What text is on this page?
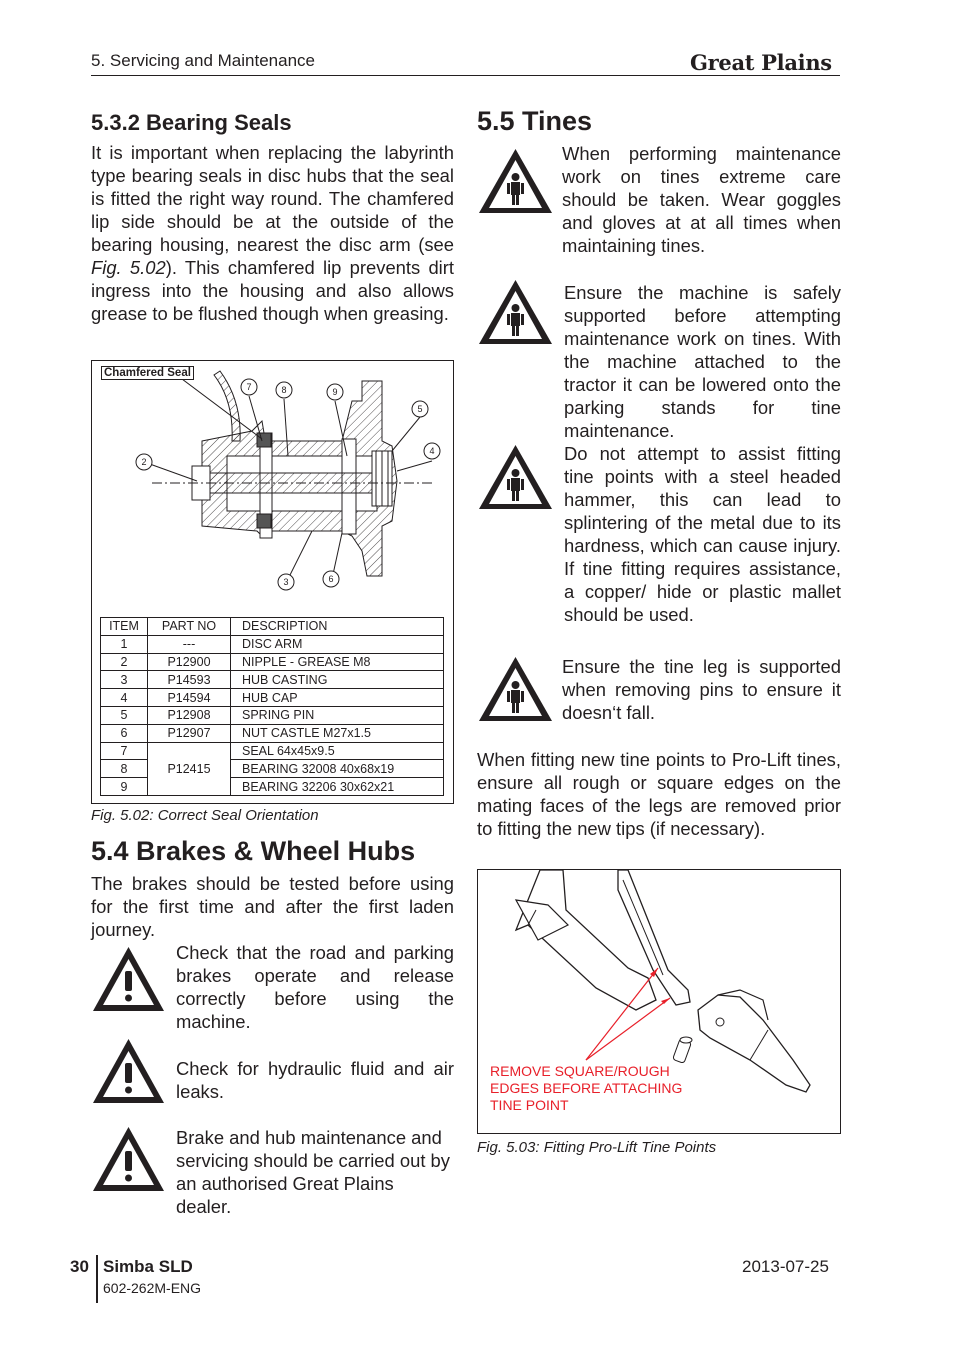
5. Servicing and Maintenance	Great Plains
5.3.2 Bearing Seals

It is important when replacing the labyrinth type bearing seals in disc hubs that the seal is fitted the right way round. The chamfered lip side should be at the outside of the bearing housing, nearest the disc arm (see Fig. 5.02). This chamfered lip prevents dirt ingress into the housing and also allows grease to be flushed though when greasing.

7	8	9
5
4
2
3	6
Chamfered Seal
ITEM	PART NO	DESCRIPTION
1	---	DISC ARM
2	P12900	NIPPLE - GREASE M8
3	P14593	HUB CASTING
4	P14594	HUB CAP
5	P12908	SPRING PIN
6	P12907	NUT CASTLE M27x1.5
7	P12415	SEAL 64x45x9.5
8		BEARING 32008 40x68x19
9		BEARING 32206 30x62x21
Fig. 5.02: Correct Seal Orientation
5.4 Brakes & Wheel Hubs

The brakes should be tested before using for the first time and after the first laden journey.

Check that the road and parking brakes operate and release correctly before using the machine.

Check for hydraulic fluid and air leaks.

Brake and hub maintenance and servicing should be carried out by an authorised Great Plains dealer.

5.5 Tines

When performing maintenance work on tines extreme care should be taken. Wear goggles and gloves at at all times when maintaining tines.

Ensure the machine is safely supported before attempting maintenance work on tines. With the machine attached to the tractor it can be lowered onto the parking stands for tine maintenance.

Do not attempt to assist fitting tine points with a steel headed hammer, this can lead to splintering of the metal due to its hardness, which can cause injury. If tine fitting requires assistance, a copper/ hide or plastic mallet should be used.

Ensure the tine leg is supported when removing pins to ensure it doesn‘t fall.

When fitting new tine points to Pro-Lift tines, ensure all rough or square edges on the mating faces of the legs are removed prior to fitting the new tips (if necessary).

REMOVE SQUARE/ROUGH
EDGES BEFORE ATTACHING
TINE POINT
Fig. 5.03: Fitting Pro-Lift Tine Points
30 Simba SLD
602-262M-ENG
2013-07-25
